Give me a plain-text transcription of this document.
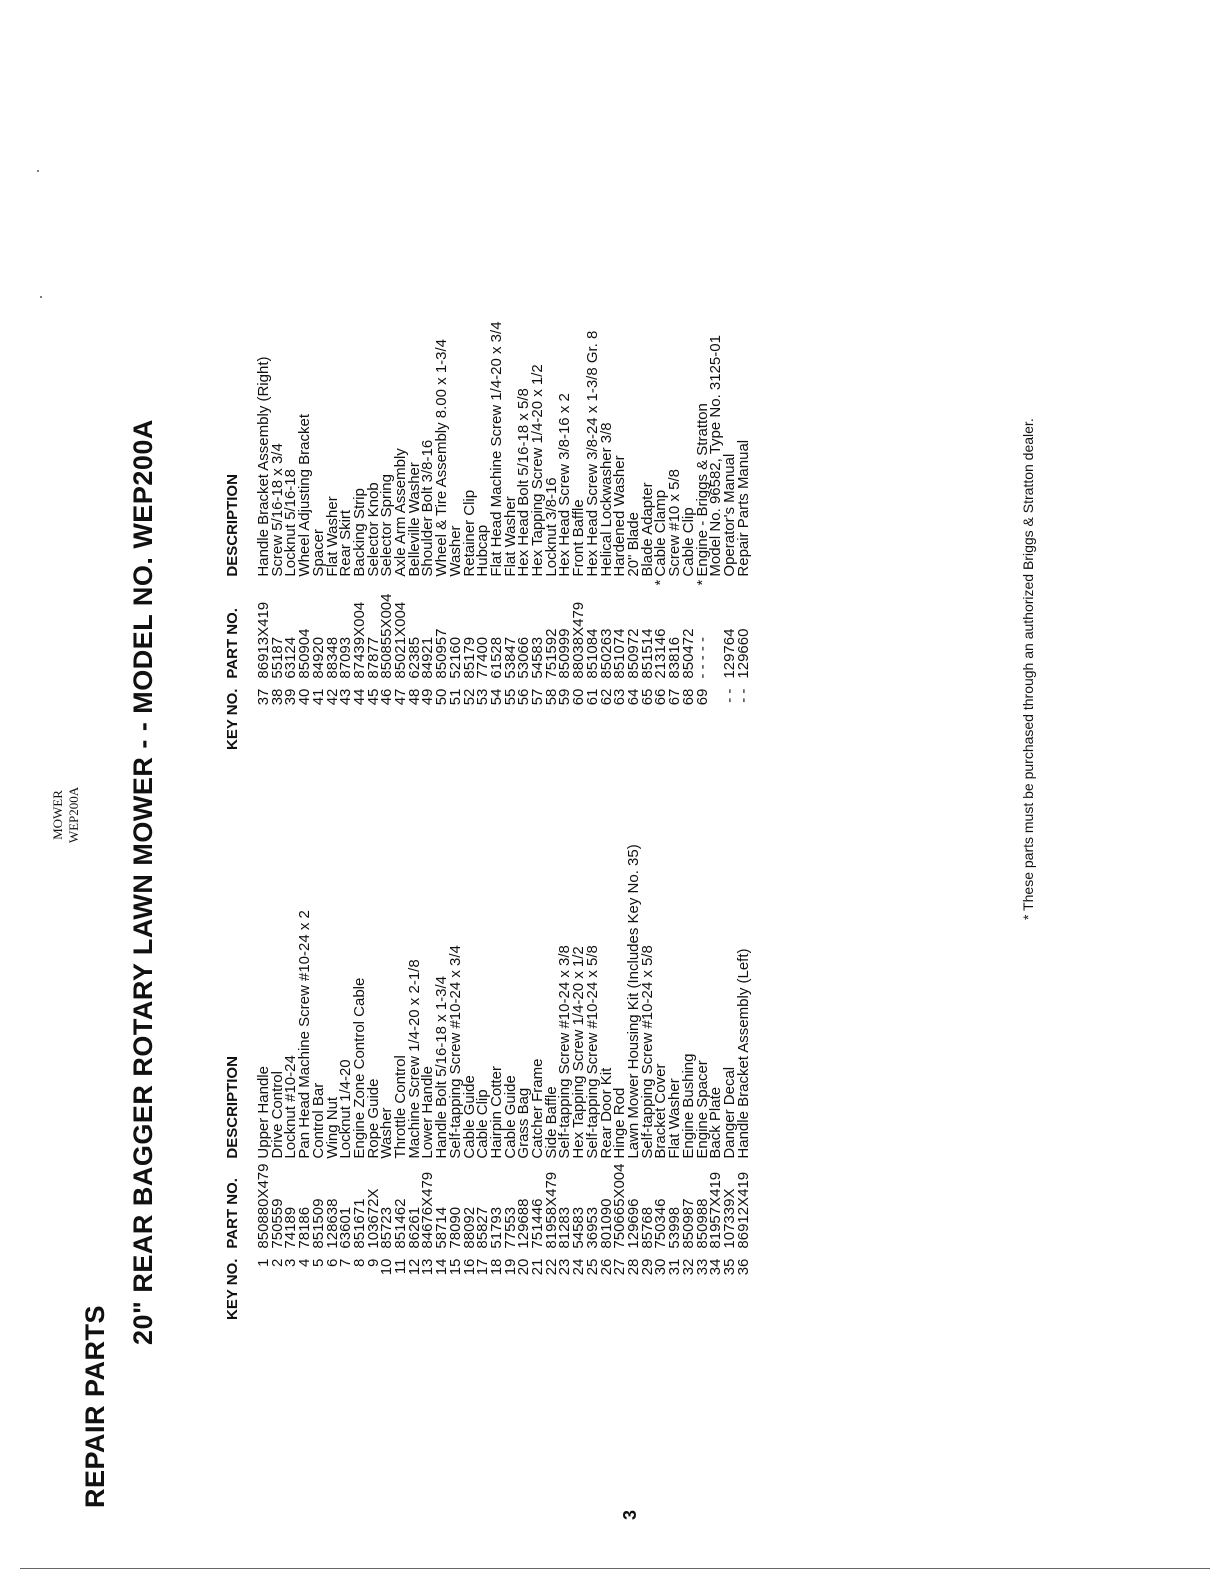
MOWER WEP200A
REPAIR PARTS
20" REAR BAGGER ROTARY LAWN MOWER - - MODEL NO. WEP200A
3
KEY NO.	PART NO.	DESCRIPTION
1	850880X479	Upper Handle
2	750559	Drive Control
3	74189	Locknut #10-24
4	78186	Pan Head Machine Screw #10-24 x 2
5	851509	Control Bar
6	128638	Wing Nut
7	63601	Locknut 1/4-20
8	851671	Engine Zone Control Cable
9	103672X	Rope Guide
10	85723	Washer
11	851462	Throttle Control
12	86261	Machine Screw 1/4-20 x 2-1/8
13	84676X479	Lower Handle
14	58714	Handle Bolt 5/16-18 x 1-3/4
15	78090	Self-tapping Screw #10-24 x 3/4
16	88092	Cable Guide
17	85827	Cable Clip
18	51793	Hairpin Cotter
19	77553	Cable Guide
20	129688	Grass Bag
21	751446	Catcher Frame
22	81958X479	Side Baffle
23	81283	Self-tapping Screw #10-24 x 3/8
24	54583	Hex Tapping Screw 1/4-20 x 1/2
25	36953	Self-tapping Screw #10-24 x 5/8
26	801090	Rear Door Kit
27	750665X004	Hinge Rod
28	129696	Lawn Mower Housing Kit (Includes Key No. 35)
29	85768	Self-tapping Screw #10-24 x 5/8
30	750346	Bracket Cover
31	53998	Flat Washer
32	850987	Engine Bushing
33	850988	Engine Spacer
34	81957X419	Back Plate
35	107339X	Danger Decal
36	86912X419	Handle Bracket Assembly (Left)
KEY NO.	PART NO.		DESCRIPTION
37	86913X419		Handle Bracket Assembly (Right)
38	55187		Screw 5/16-18 x 3/4
39	63124		Locknut 5/16-18
40	850904		Wheel Adjusting Bracket
41	84920		Spacer
42	88348		Flat Washer
43	87093		Rear Skirt
44	87439X004		Backing Strip
45	87877		Selector Knob
46	850855X004		Selector Spring
47	85021X004		Axle Arm Assembly
48	62385		Belleville Washer
49	84921		Shoulder Bolt 3/8-16
50	850957		Wheel & Tire Assembly 8.00 x 1-3/4
51	52160		Washer
52	85179		Retainer Clip
53	77400		Hubcap
54	61528		Flat Head Machine Screw 1/4-20 x 3/4
55	53847		Flat Washer
56	53066		Hex Head Bolt 5/16-18 x 5/8
57	54583		Hex Tapping Screw 1/4-20 x 1/2
58	751592		Locknut 3/8-16
59	850999		Hex Head Screw 3/8-16 x 2
60	88038X479		Front Baffle
61	851084		Hex Head Screw 3/8-24 x 1-3/8 Gr. 8
62	850263		Helical Lockwasher 3/8
63	851074		Hardened Washer
64	850972		20" Blade
65	851514		Blade Adapter
66	213146	*	Cable Clamp
67	83816		Screw #10 x 5/8
68	850472		Cable Clip
69	- - - - -	*	Engine - Briggs & Stratton
			Model No. 96582, Type No. 3125-01
- -	129764		Operator's Manual
- -	129660		Repair Parts Manual	* These parts must be purchased through an authorized Briggs & Stratton dealer.
